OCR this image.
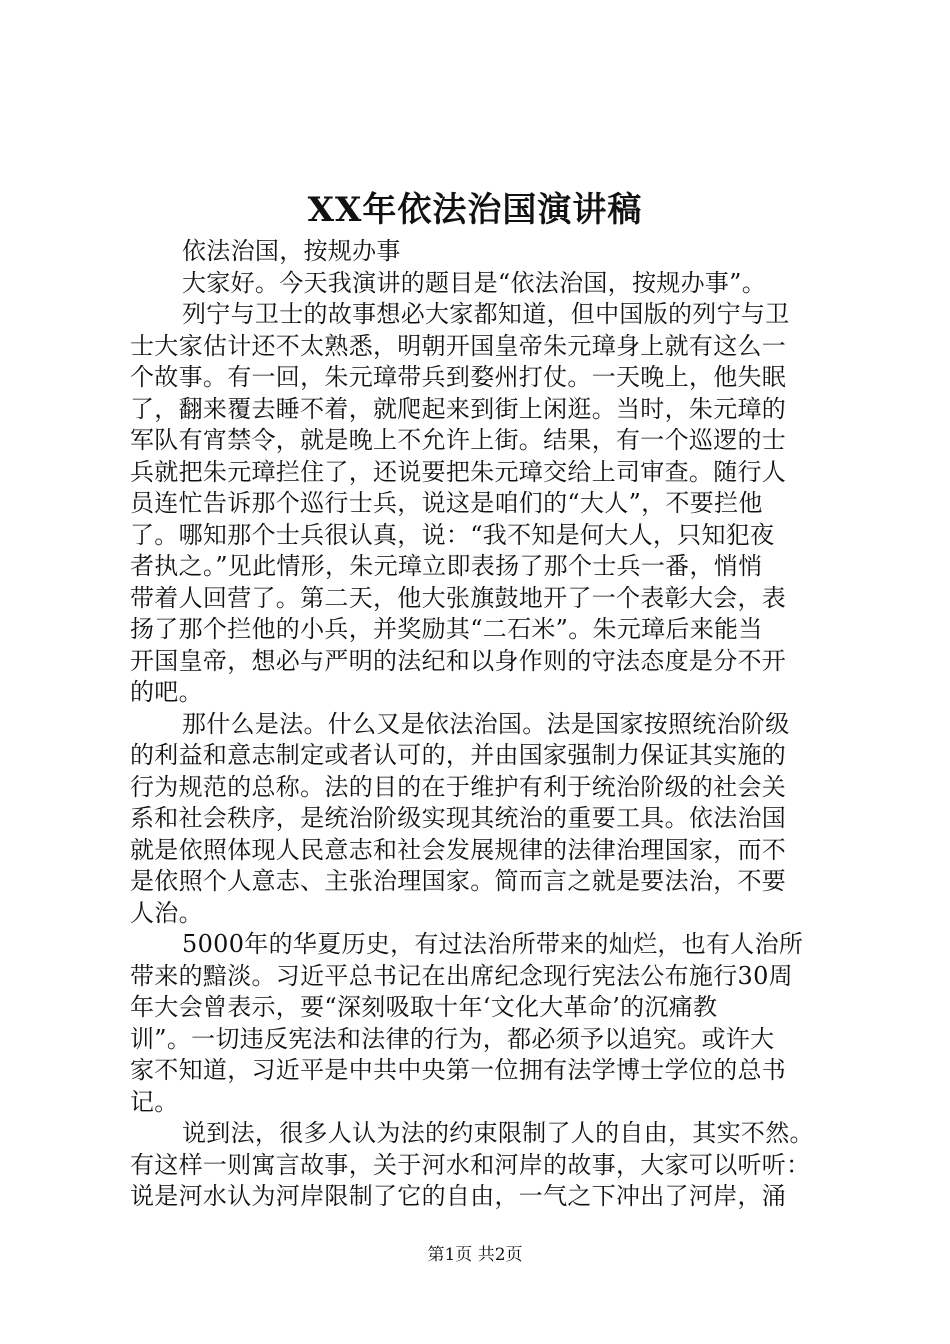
XX年依法治国演讲稿

依法治国，按规办事

大家好。今天我演讲的题目是“依法治国，按规办事”。

列宁与卫士的故事想必大家都知道，但中国版的列宁与卫

士大家估计还不太熟悉，明朝开国皇帝朱元璋身上就有这么一

个故事。有一回，朱元璋带兵到婺州打仗。一天晚上，他失眠

了，翻来覆去睡不着，就爬起来到街上闲逛。当时，朱元璋的

军队有宵禁令，就是晚上不允许上街。结果，有一个巡逻的士

兵就把朱元璋拦住了，还说要把朱元璋交给上司审查。随行人

员连忙告诉那个巡行士兵，说这是咱们的“大人”，不要拦他

了。哪知那个士兵很认真，说：“我不知是何大人，只知犯夜

者执之。”见此情形，朱元璋立即表扬了那个士兵一番，悄悄

带着人回营了。第二天，他大张旗鼓地开了一个表彰大会，表

扬了那个拦他的小兵，并奖励其“二石米”。朱元璋后来能当

开国皇帝，想必与严明的法纪和以身作则的守法态度是分不开

的吧。

那什么是法。什么又是依法治国。法是国家按照统治阶级

的利益和意志制定或者认可的，并由国家强制力保证其实施的

行为规范的总称。法的目的在于维护有利于统治阶级的社会关

系和社会秩序，是统治阶级实现其统治的重要工具。依法治国

就是依照体现人民意志和社会发展规律的法律治理国家，而不

是依照个人意志、主张治理国家。简而言之就是要法治，不要

人治。

5000年的华夏历史，有过法治所带来的灿烂，也有人治所

带来的黯淡。习近平总书记在出席纪念现行宪法公布施行30周

年大会曾表示，要“深刻吸取十年‘文化大革命’的沉痛教

训”。一切违反宪法和法律的行为，都必须予以追究。或许大

家不知道，习近平是中共中央第一位拥有法学博士学位的总书

记。

说到法，很多人认为法的约束限制了人的自由，其实不然。

有这样一则寓言故事，关于河水和河岸的故事，大家可以听听：

说是河水认为河岸限制了它的自由，一气之下冲出了河岸，涌

第1页 共2页
